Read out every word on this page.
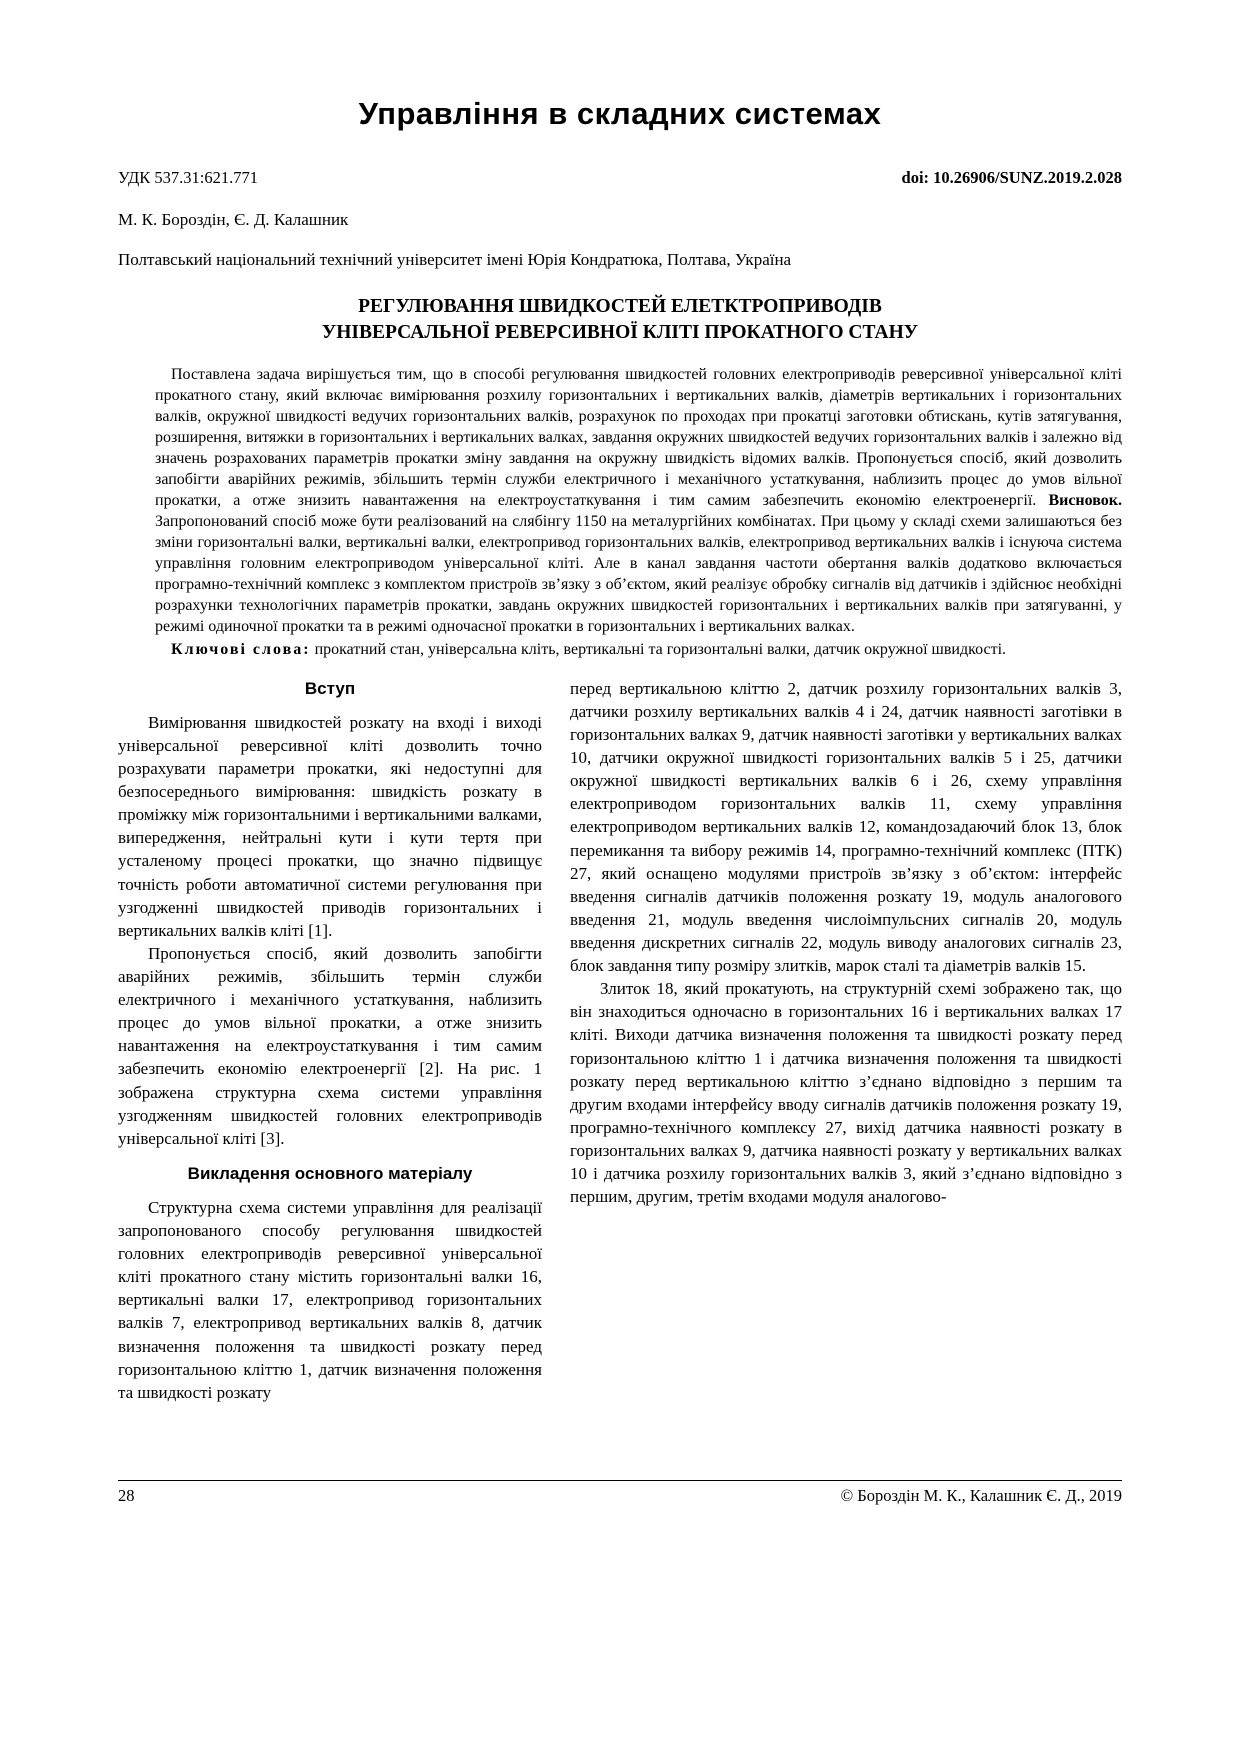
Управління в складних системах
УДК 537.31:621.771	doi: 10.26906/SUNZ.2019.2.028
М. К. Бороздін, Є. Д. Калашник
Полтавський національний технічний університет імені Юрія Кондратюка, Полтава, Україна
РЕГУЛЮВАННЯ ШВИДКОСТЕЙ ЕЛЕТКТРОПРИВОДІВ
УНІВЕРСАЛЬНОЇ РЕВЕРСИВНОЇ КЛІТІ ПРОКАТНОГО СТАНУ

Поставлена задача вирішується тим, що в способі регулювання швидкостей головних електроприводів реверсивної універсальної кліті прокатного стану, який включає вимірювання розхилу горизонтальних і вертикальних валків, діаметрів вертикальних і горизонтальних валків, окружної швидкості ведучих горизонтальних валків, розрахунок по проходах при прокатці заготовки обтискань, кутів затягування, розширення, витяжки в горизонтальних і вертикальних валках, завдання окружних швидкостей ведучих горизонтальних валків і залежно від значень розрахованих параметрів прокатки зміну завдання на окружну швидкість відомих валків. Пропонується спосіб, який дозволить запобігти аварійних режимів, збільшить термін служби електричного і механічного устаткування, наблизить процес до умов вільної прокатки, а отже знизить навантаження на електроустаткування і тим самим забезпечить економію електроенергії. Висновок. Запропонований спосіб може бути реалізований на слябінгу 1150 на металургійних комбінатах. При цьому у складі схеми залишаються без зміни горизонтальні валки, вертикальні валки, електропривод горизонтальних валків, електропривод вертикальних валків і існуюча система управління головним електроприводом універсальної кліті. Але в канал завдання частоти обертання валків додатково включається програмно-технічний комплекс з комплектом пристроїв зв’язку з об’єктом, який реалізує обробку сигналів від датчиків і здійснює необхідні розрахунки технологічних параметрів прокатки, завдань окружних швидкостей горизонтальних і вертикальних валків при затягуванні, у режимі одиночної прокатки та в режимі одночасної прокатки в горизонтальних і вертикальних валках.

Ключові слова: прокатний стан, універсальна кліть, вертикальні та горизонтальні валки, датчик окружної швидкості.

Вступ

Вимірювання швидкостей розкату на вході і виході універсальної реверсивної кліті дозволить точно розрахувати параметри прокатки, які недоступні для безпосереднього вимірювання: швидкість розкату в проміжку між горизонтальними і вертикальними валками, випередження, нейтральні кути і кути тертя при усталеному процесі прокатки, що значно підвищує точність роботи автоматичної системи регулювання при узгодженні швидкостей приводів горизонтальних і вертикальних валків кліті [1].

Пропонується спосіб, який дозволить запобігти аварійних режимів, збільшить термін служби електричного і механічного устаткування, наблизить процес до умов вільної прокатки, а отже знизить навантаження на електроустаткування і тим самим забезпечить економію електроенергії [2]. На рис. 1 зображена структурна схема системи управління узгодженням швидкостей головних електроприводів універсальної кліті [3].

Викладення основного матеріалу

Структурна схема системи управління для реалізації запропонованого способу регулювання швидкостей головних електроприводів реверсивної універсальної кліті прокатного стану містить горизонтальні валки 16, вертикальні валки 17, електропривод горизонтальних валків 7, електропривод вертикальних валків 8, датчик визначення положення та швидкості розкату перед горизонтальною кліттю 1, датчик визначення положення та швидкості розкату

перед вертикальною кліттю 2, датчик розхилу горизонтальних валків 3, датчики розхилу вертикальних валків 4 і 24, датчик наявності заготівки в горизонтальних валках 9, датчик наявності заготівки у вертикальних валках 10, датчики окружної швидкості горизонтальних валків 5 і 25, датчики окружної швидкості вертикальних валків 6 і 26, схему управління електроприводом горизонтальних валків 11, схему управління електроприводом вертикальних валків 12, командозадаючий блок 13, блок перемикання та вибору режимів 14, програмно-технічний комплекс (ПТК) 27, який оснащено модулями пристроїв зв’язку з об’єктом: інтерфейс введення сигналів датчиків положення розкату 19, модуль аналогового введення 21, модуль введення числоімпульсних сигналів 20, модуль введення дискретних сигналів 22, модуль виводу аналогових сигналів 23, блок завдання типу розміру злитків, марок сталі та діаметрів валків 15.

Злиток 18, який прокатують, на структурній схемі зображено так, що він знаходиться одночасно в горизонтальних 16 і вертикальних валках 17 кліті. Виходи датчика визначення положення та швидкості розкату перед горизонтальною кліттю 1 і датчика визначення положення та швидкості розкату перед вертикальною кліттю з’єднано відповідно з першим та другим входами інтерфейсу вводу сигналів датчиків положення розкату 19, програмно-технічного комплексу 27, вихід датчика наявності розкату в горизонтальних валках 9, датчика наявності розкату у вертикальних валках 10 і датчика розхилу горизонтальних валків 3, який з’єднано відповідно з першим, другим, третім входами модуля аналогово-

28	© Бороздін М. К., Калашник Є. Д., 2019
